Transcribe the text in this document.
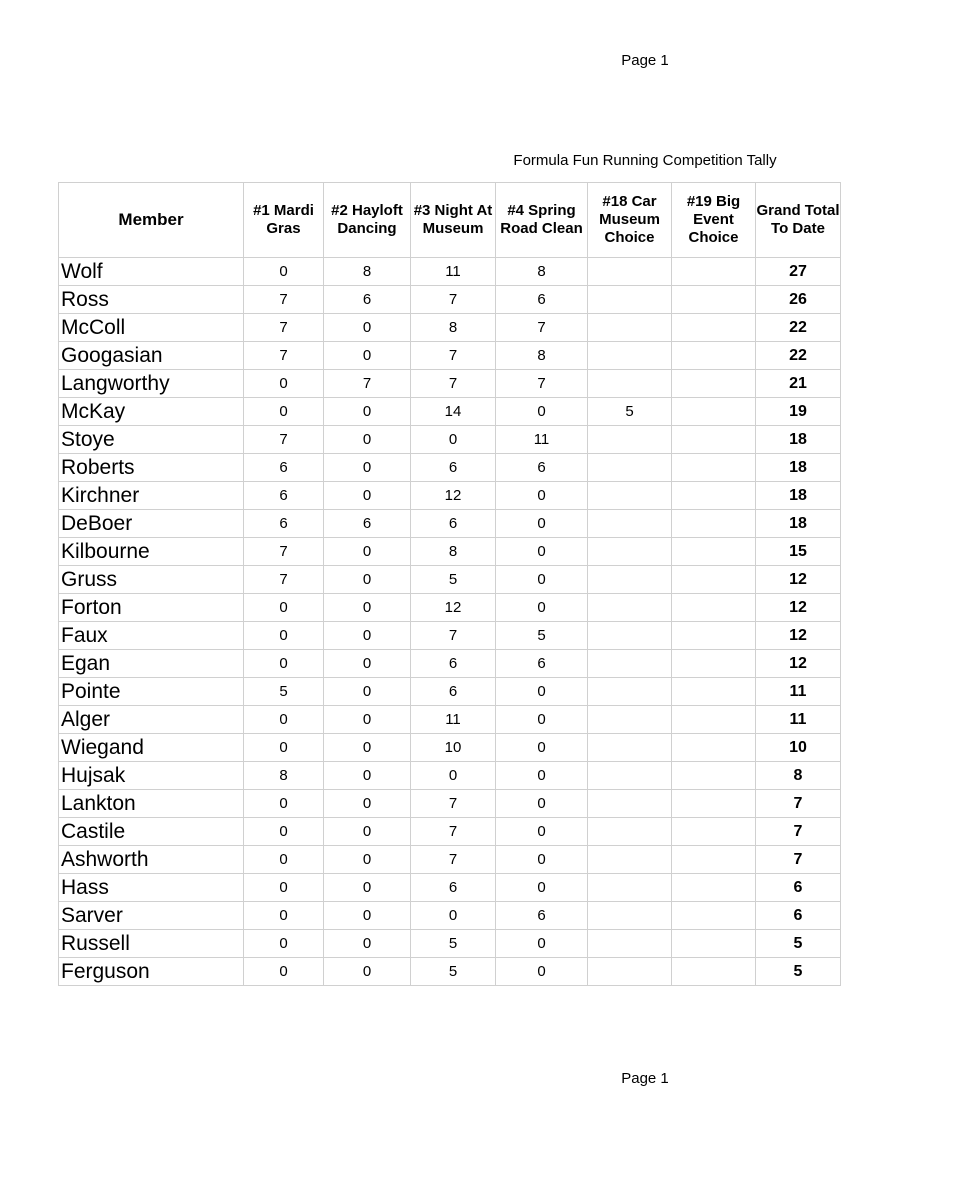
Page 1
Formula Fun Running Competition Tally
Member	#1 Mardi Gras	#2 Hayloft Dancing	#3 Night At Museum	#4 Spring Road Clean	#18 Car Museum Choice	#19 Big Event Choice	Grand Total To Date
Wolf	0	8	11	8			27
Ross	7	6	7	6			26
McColl	7	0	8	7			22
Googasian	7	0	7	8			22
Langworthy	0	7	7	7			21
McKay	0	0	14	0	5		19
Stoye	7	0	0	11			18
Roberts	6	0	6	6			18
Kirchner	6	0	12	0			18
DeBoer	6	6	6	0			18
Kilbourne	7	0	8	0			15
Gruss	7	0	5	0			12
Forton	0	0	12	0			12
Faux	0	0	7	5			12
Egan	0	0	6	6			12
Pointe	5	0	6	0			11
Alger	0	0	11	0			11
Wiegand	0	0	10	0			10
Hujsak	8	0	0	0			8
Lankton	0	0	7	0			7
Castile	0	0	7	0			7
Ashworth	0	0	7	0			7
Hass	0	0	6	0			6
Sarver	0	0	0	6			6
Russell	0	0	5	0			5
Ferguson	0	0	5	0			5
Page 1
